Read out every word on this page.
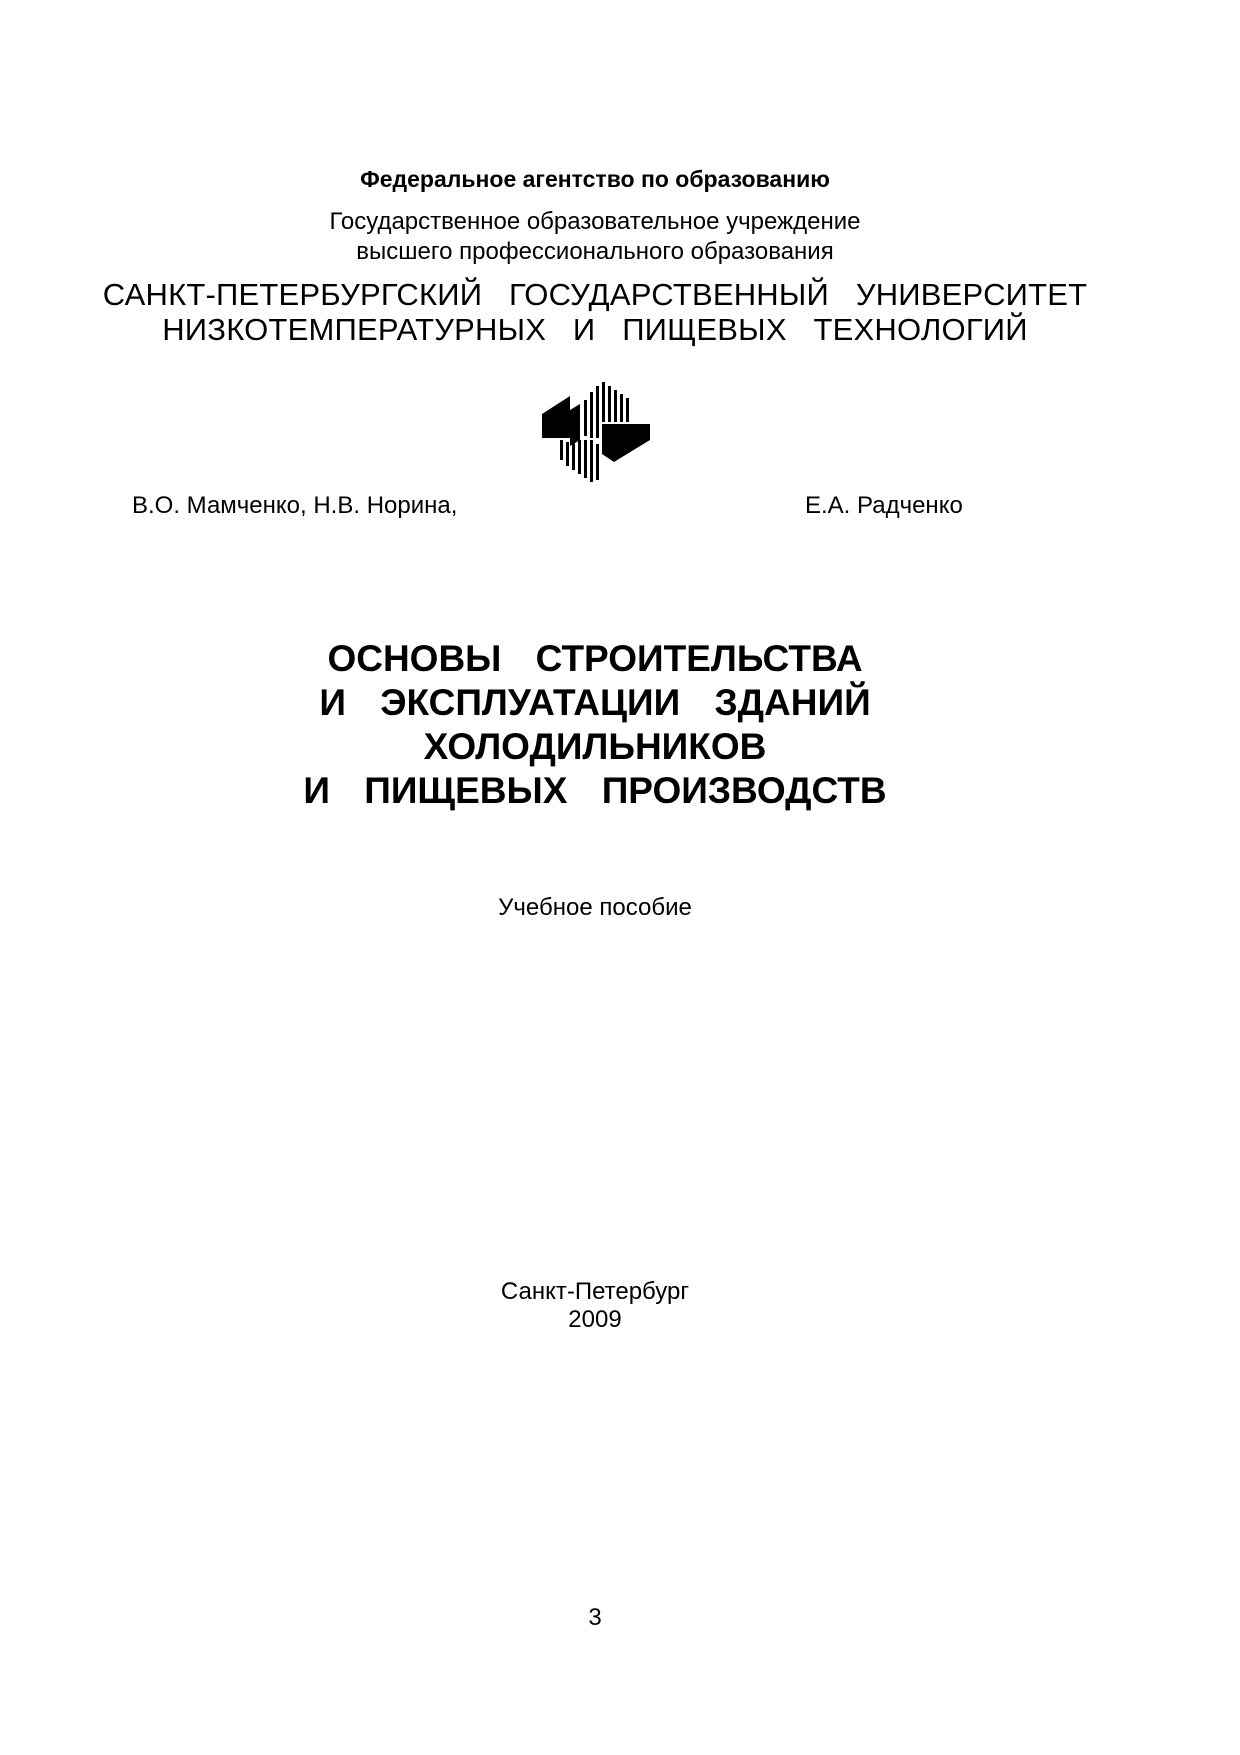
Федеральное агентство по образованию
Государственное образовательное учреждение
высшего профессионального образования
САНКТ-ПЕТЕРБУРГСКИЙ ГОСУДАРСТВЕННЫЙ УНИВЕРСИТЕТ
НИЗКОТЕМПЕРАТУРНЫХ И ПИЩЕВЫХ ТЕХНОЛОГИЙ
В.О. Мамченко, Н.В. Норина,	Е.А. Радченко
ОСНОВЫ СТРОИТЕЛЬСТВА
И ЭКСПЛУАТАЦИИ ЗДАНИЙ
ХОЛОДИЛЬНИКОВ
И ПИЩЕВЫХ ПРОИЗВОДСТВ
Учебное пособие
Санкт-Петербург
2009
3
